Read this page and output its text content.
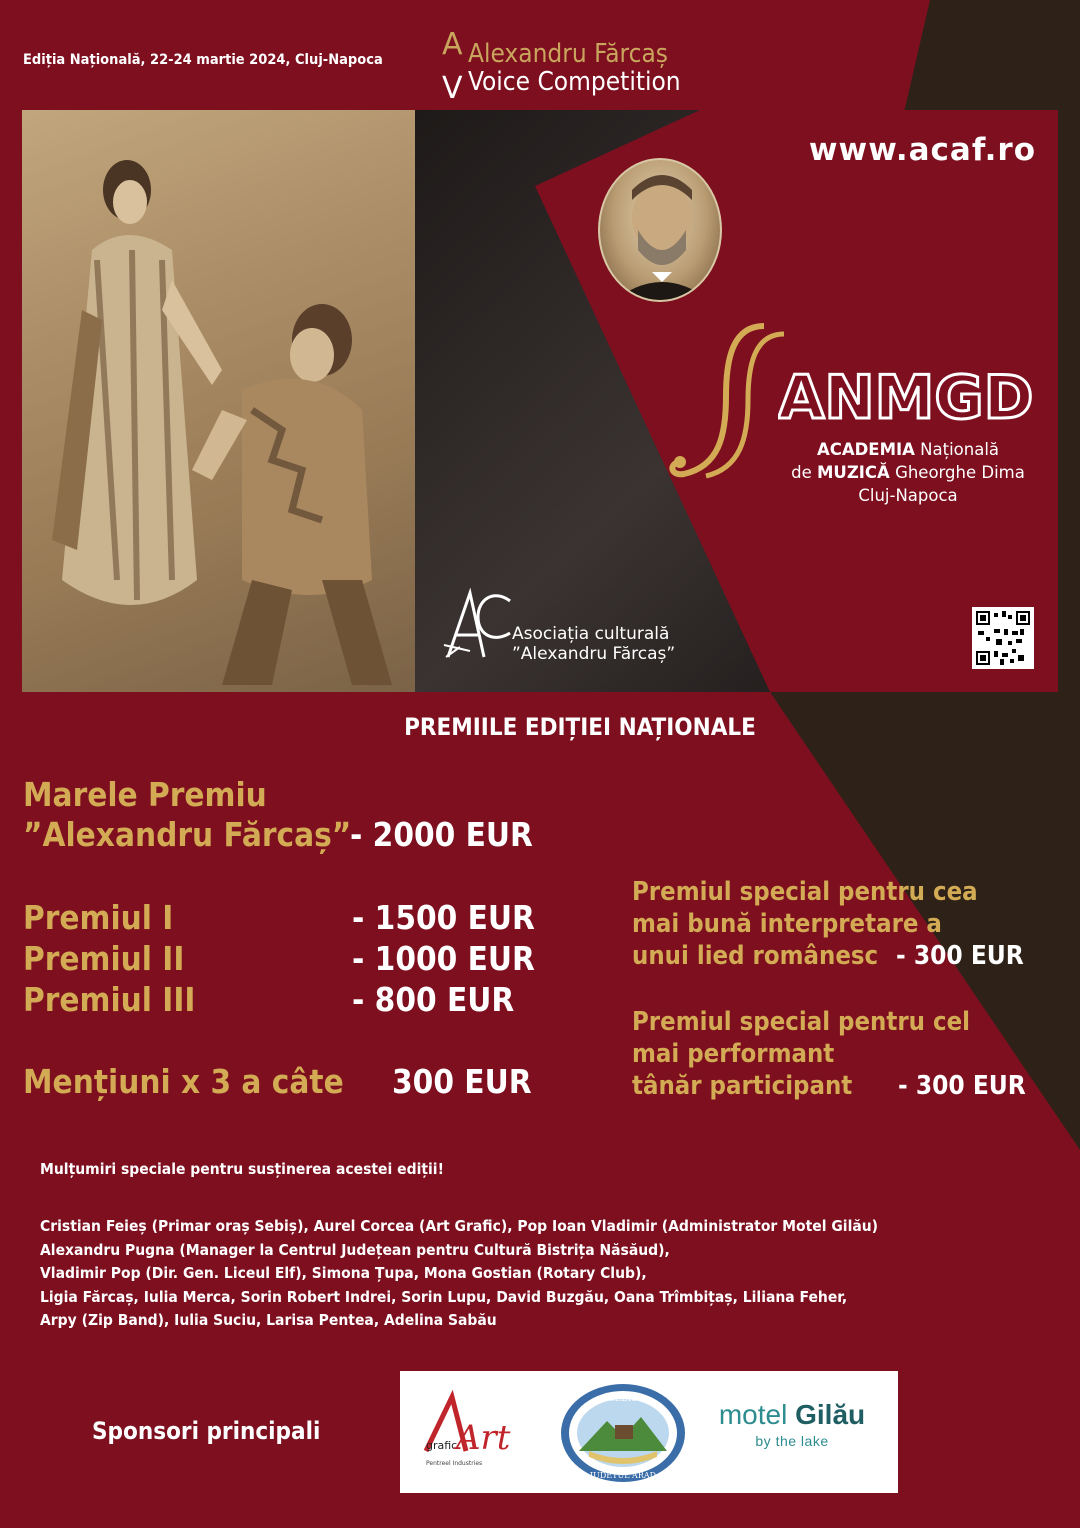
Ediția Națională, 22-24 martie 2024, Cluj-Napoca A
V
Alexandru Fărcaș
Voice Competition
www.acaf.ro
ANMGD
ACADEMIA Națională
de MUZICĂ Gheorghe Dima
Cluj-Napoca
Asociația culturală
”Alexandru Fărcaș”
PREMIILE EDIȚIEI NAȚIONALE
Marele Premiu
”Alexandru Fărcaș”
- 2000 EUR
Premiul I	- 1500 EUR
Premiul II	- 1000 EUR
Premiul III	- 800 EUR
Mențiuni x 3 a câte 300 EUR
Premiul special pentru cea
mai bună interpretare a
unui lied românesc - 300 EUR
Premiul special pentru cel
mai performant
tânăr participant - 300 EUR
Mulțumiri speciale pentru susținerea acestei ediții!
Cristian Feieș (Primar oraș Sebiș), Aurel Corcea (Art Grafic), Pop Ioan Vladimir (Administrator Motel Gilău)
Alexandru Pugna (Manager la Centrul Județean pentru Cultură Bistrița Năsăud),
Vladimir Pop (Dir. Gen. Liceul Elf), Simona Țupa, Mona Gostian (Rotary Club),
Ligia Fărcaș, Iulia Merca, Sorin Robert Indrei, Sorin Lupu, David Buzgău, Oana Trîmbițaș, Liliana Feher,
Arpy (Zip Band), Iulia Suciu, Larisa Pentea, Adelina Sabău
Sponsori principali
grafic
Art
Pentreel Industries
SEBIS
JUDETUL ARAD
motel Gilău
by the lake
